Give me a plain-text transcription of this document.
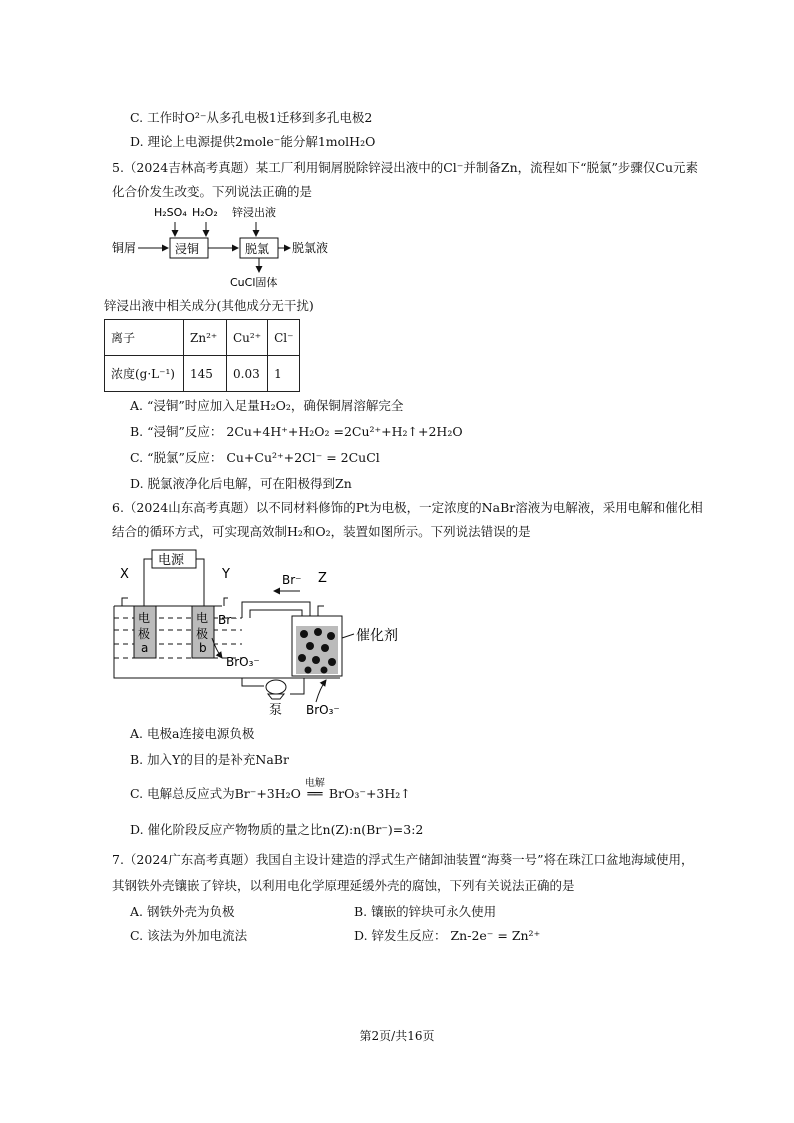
C. 工作时O²⁻从多孔电极1迁移到多孔电极2
D. 理论上电源提供2mole⁻能分解1molH₂O
5.（2024吉林高考真题）某工厂利用铜屑脱除锌浸出液中的Cl⁻并制备Zn，流程如下“脱氯”步骤仅Cu元素
化合价发生改变。下列说法正确的是
H₂SO₄ H₂O₂ 锌浸出液
铜屑	浸铜	脱氯 脱氯液
CuCl固体
锌浸出液中相关成分(其他成分无干扰)
离子	Zn²⁺	Cu²⁺	Cl⁻
浓度(g·L⁻¹)	145	0.03	1
A. “浸铜”时应加入足量H₂O₂，确保铜屑溶解完全
B. “浸铜”反应： 2Cu+4H⁺+H₂O₂ =2Cu²⁺+H₂↑+2H₂O
C. “脱氯”反应： Cu+Cu²⁺+2Cl⁻ = 2CuCl
D. 脱氯液净化后电解，可在阳极得到Zn
6.（2024山东高考真题）以不同材料修饰的Pt为电极，一定浓度的NaBr溶液为电解液，采用电解和催化相
结合的循环方式，可实现高效制H₂和O₂，装置如图所示。下列说法错误的是
电源
X	Y
电
极
a
电
极
b
Br⁻
BrO₃⁻
Br⁻ Z
催化剂
泵 BrO₃⁻
A. 电极a连接电源负极
B. 加入Y的目的是补充NaBr
C. 电解总反应式为Br⁻+3H₂O
电解
══ BrO₃⁻+3H₂↑
D. 催化阶段反应产物物质的量之比n(Z):n(Br⁻)=3:2
7.（2024广东高考真题）我国自主设计建造的浮式生产储卸油装置“海葵一号”将在珠江口盆地海域使用，
其钢铁外壳镶嵌了锌块，以利用电化学原理延缓外壳的腐蚀，下列有关说法正确的是
A. 钢铁外壳为负极	B. 镶嵌的锌块可永久使用
C. 该法为外加电流法	D. 锌发生反应： Zn-2e⁻ = Zn²⁺
第2页/共16页
